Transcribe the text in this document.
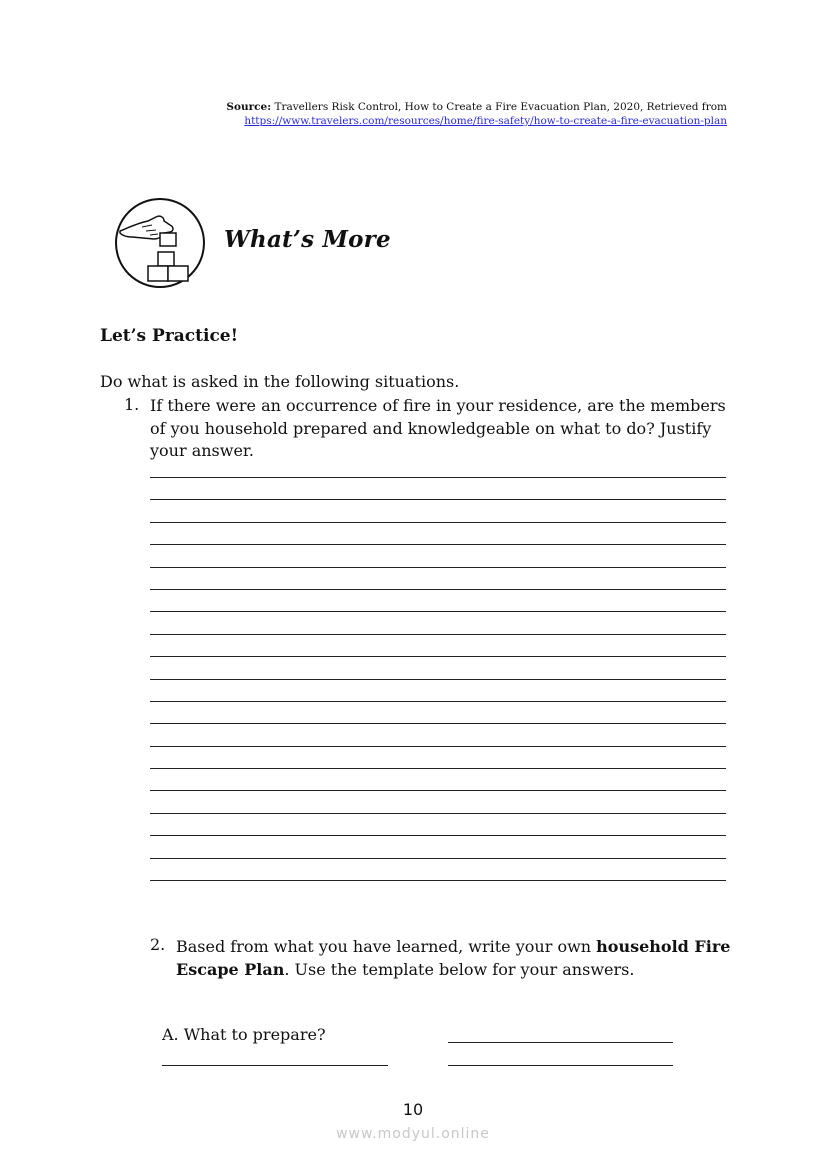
Source: Travellers Risk Control, How to Create a Fire Evacuation Plan, 2020, Retrieved from
https://www.travelers.com/resources/home/fire-safety/how-to-create-a-fire-evacuation-plan
What’s More
Let’s Practice!
Do what is asked in the following situations.
1. If there were an occurrence of fire in your residence, are the members of you household prepared and knowledgeable on what to do? Justify your answer.
2. Based from what you have learned, write your own household Fire Escape Plan. Use the template below for your answers.
A. What to prepare?
10
www.modyul.online
